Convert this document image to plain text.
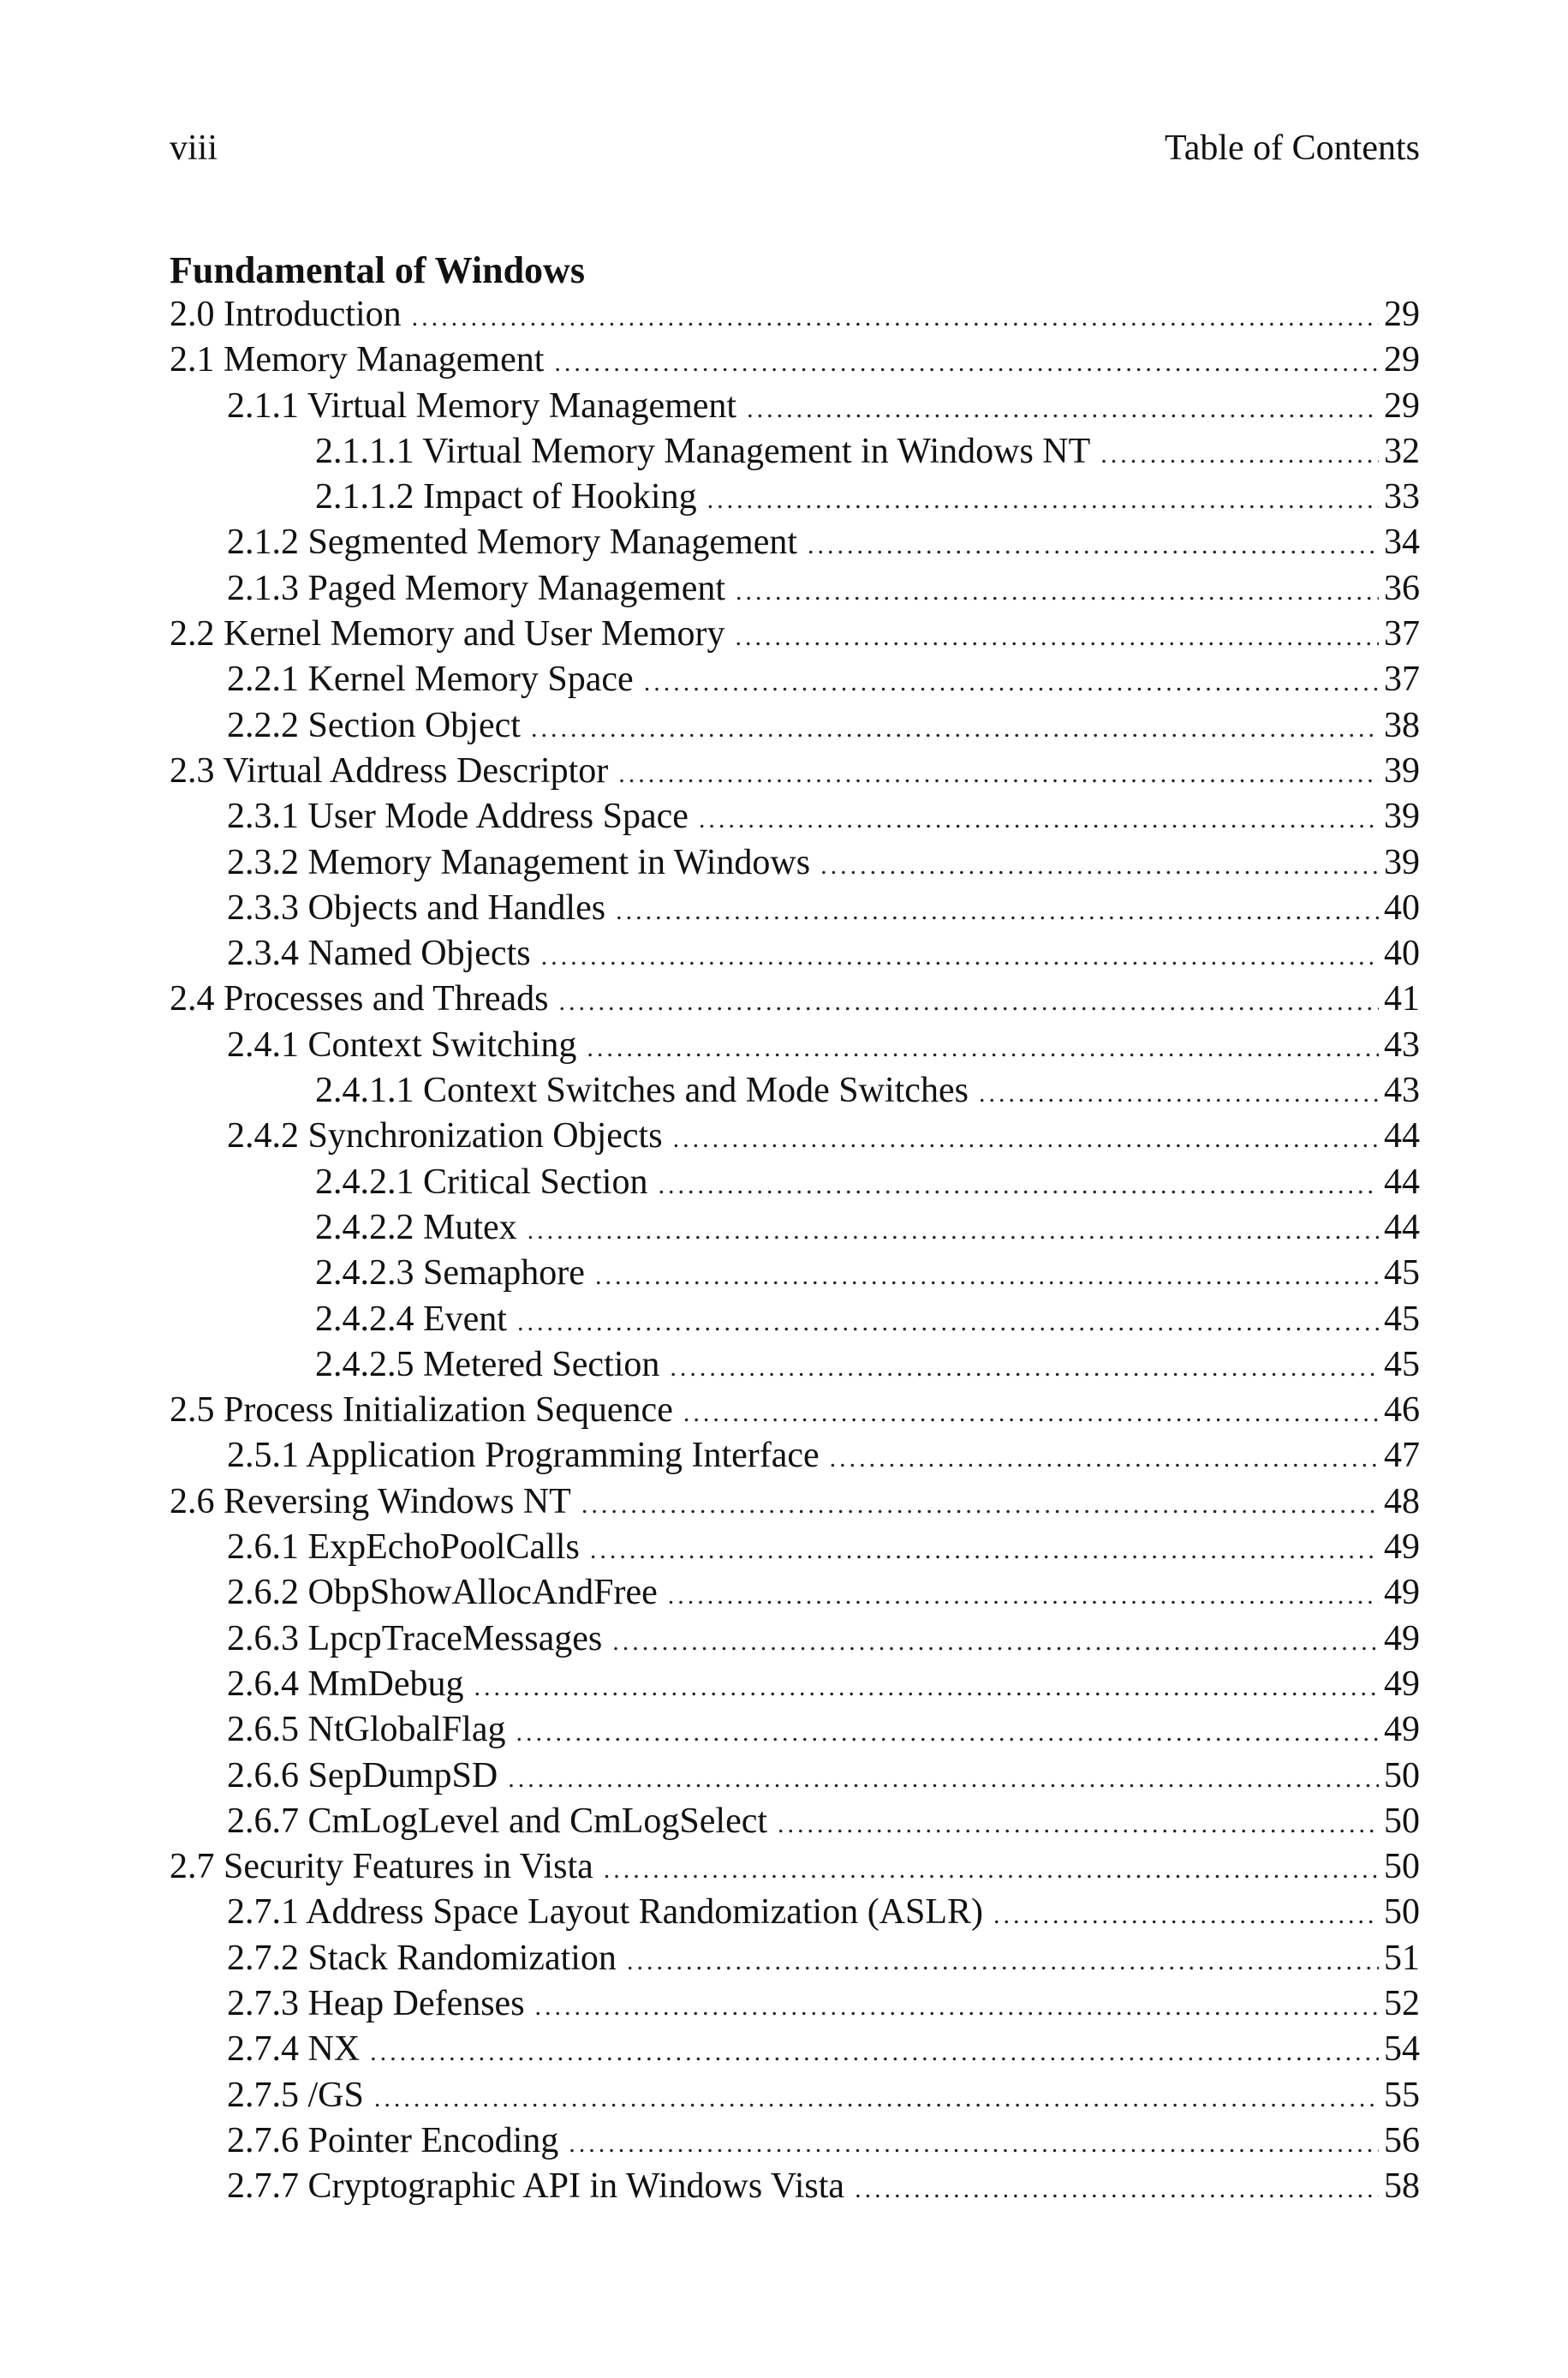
viii	Table of Contents
Fundamental of Windows
2.0 Introduction .....	29
2.1 Memory Management .....	29
2.1.1 Virtual Memory Management .....	29
2.1.1.1 Virtual Memory Management in Windows NT .....	32
2.1.1.2 Impact of Hooking .....	33
2.1.2 Segmented Memory Management .....	34
2.1.3 Paged Memory Management .....	36
2.2 Kernel Memory and User Memory .....	37
2.2.1 Kernel Memory Space .....	37
2.2.2 Section Object .....	38
2.3 Virtual Address Descriptor .....	39
2.3.1 User Mode Address Space .....	39
2.3.2 Memory Management in Windows .....	39
2.3.3 Objects and Handles .....	40
2.3.4 Named Objects .....	40
2.4 Processes and Threads .....	41
2.4.1 Context Switching .....	43
2.4.1.1 Context Switches and Mode Switches .....	43
2.4.2 Synchronization Objects .....	44
2.4.2.1 Critical Section .....	44
2.4.2.2 Mutex .....	44
2.4.2.3 Semaphore .....	45
2.4.2.4 Event .....	45
2.4.2.5 Metered Section .....	45
2.5 Process Initialization Sequence .....	46
2.5.1 Application Programming Interface .....	47
2.6 Reversing Windows NT .....	48
2.6.1 ExpEchoPoolCalls .....	49
2.6.2 ObpShowAllocAndFree .....	49
2.6.3 LpcpTraceMessages .....	49
2.6.4 MmDebug .....	49
2.6.5 NtGlobalFlag .....	49
2.6.6 SepDumpSD .....	50
2.6.7 CmLogLevel and CmLogSelect .....	50
2.7 Security Features in Vista .....	50
2.7.1 Address Space Layout Randomization (ASLR) .....	50
2.7.2 Stack Randomization .....	51
2.7.3 Heap Defenses .....	52
2.7.4 NX .....	54
2.7.5 /GS .....	55
2.7.6 Pointer Encoding .....	56
2.7.7 Cryptographic API in Windows Vista .....	58
